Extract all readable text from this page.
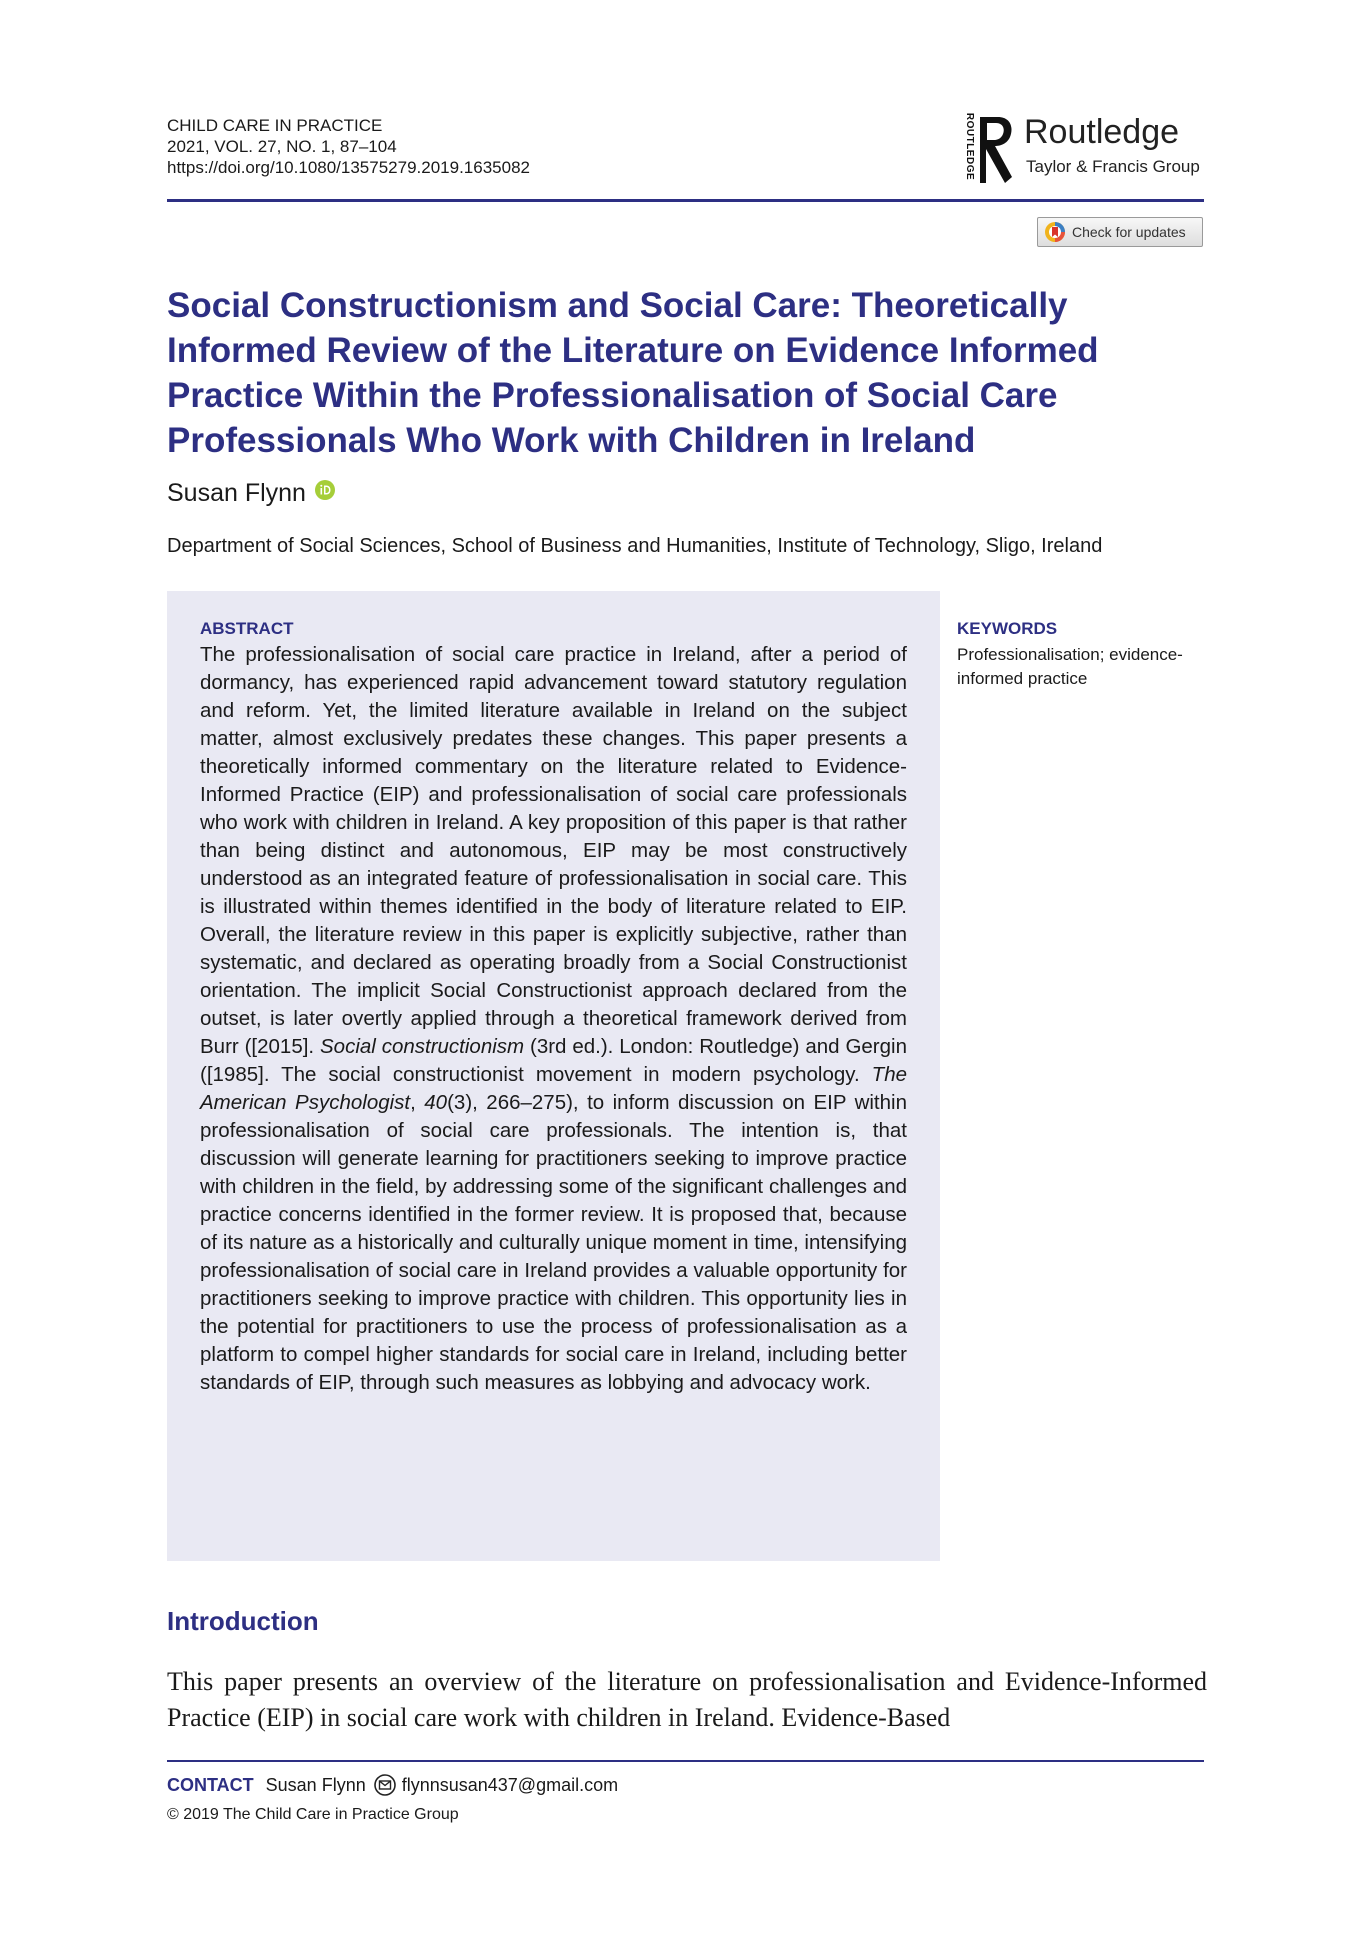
CHILD CARE IN PRACTICE
2021, VOL. 27, NO. 1, 87–104
https://doi.org/10.1080/13575279.2019.1635082	ROUTLEDGE Routledge
Taylor & Francis Group
Check for updates
Social Constructionism and Social Care: Theoretically Informed Review of the Literature on Evidence Informed Practice Within the Professionalisation of Social Care Professionals Who Work with Children in Ireland
Susan Flynn
Department of Social Sciences, School of Business and Humanities, Institute of Technology, Sligo, Ireland
ABSTRACT

The professionalisation of social care practice in Ireland, after a period of dormancy, has experienced rapid advancement toward statutory regulation and reform. Yet, the limited literature available in Ireland on the subject matter, almost exclusively predates these changes. This paper presents a theoretically informed commentary on the literature related to Evidence-Informed Practice (EIP) and professionalisation of social care professionals who work with children in Ireland. A key proposition of this paper is that rather than being distinct and autonomous, EIP may be most constructively understood as an integrated feature of professionalisation in social care. This is illustrated within themes identified in the body of literature related to EIP. Overall, the literature review in this paper is explicitly subjective, rather than systematic, and declared as operating broadly from a Social Constructionist orientation. The implicit Social Constructionist approach declared from the outset, is later overtly applied through a theoretical framework derived from Burr ([2015]. Social constructionism (3rd ed.). London: Routledge) and Gergin ([1985]. The social constructionist movement in modern psychology. The American Psychologist, 40(3), 266–275), to inform discussion on EIP within professionalisation of social care professionals. The intention is, that discussion will generate learning for practitioners seeking to improve practice with children in the field, by addressing some of the significant challenges and practice concerns identified in the former review. It is proposed that, because of its nature as a historically and culturally unique moment in time, intensifying professionalisation of social care in Ireland provides a valuable opportunity for practitioners seeking to improve practice with children. This opportunity lies in the potential for practitioners to use the process of professionalisation as a platform to compel higher standards for social care in Ireland, including better standards of EIP, through such measures as lobbying and advocacy work.

KEYWORDS
Professionalisation; evidence-informed practice
Introduction

This paper presents an overview of the literature on professionalisation and Evidence-Informed Practice (EIP) in social care work with children in Ireland. Evidence-Based

CONTACT Susan Flynn flynnsusan437@gmail.com
© 2019 The Child Care in Practice Group
